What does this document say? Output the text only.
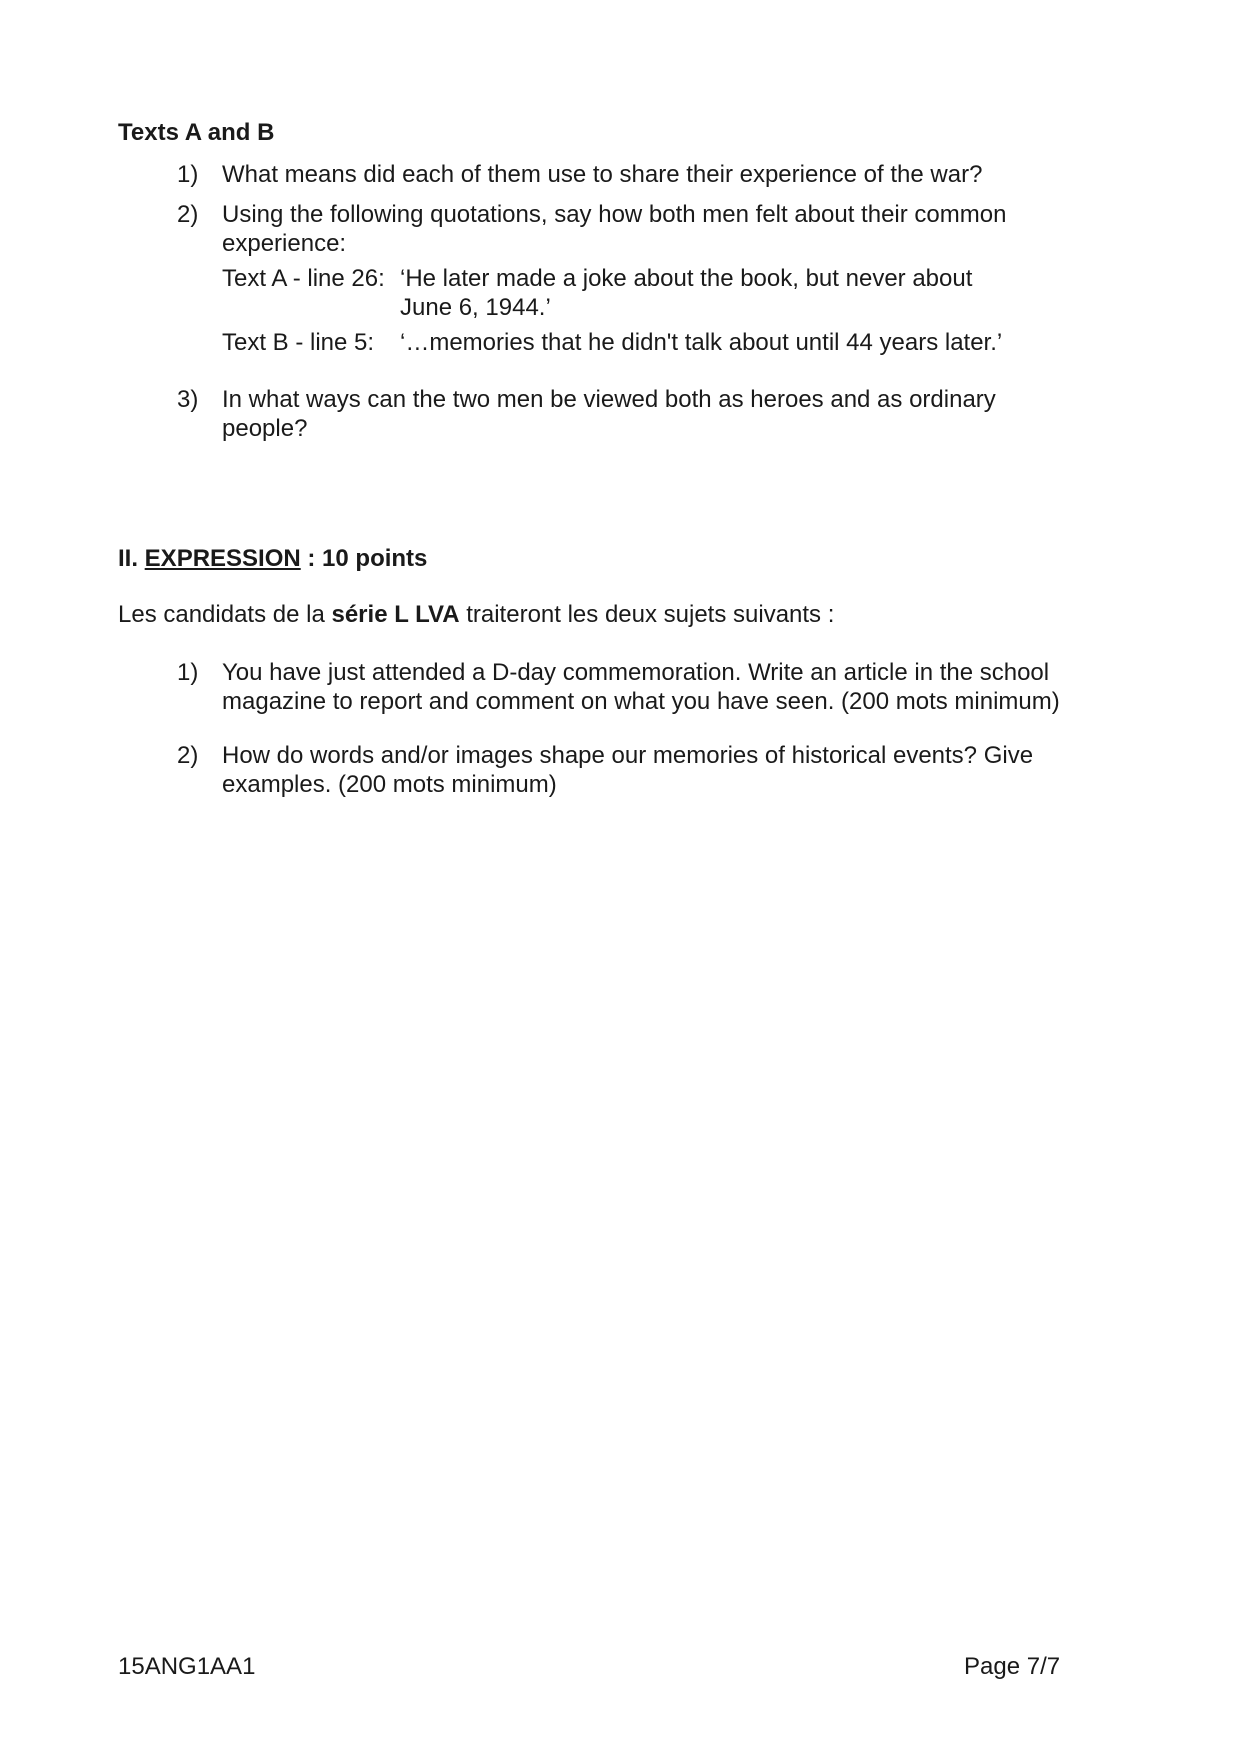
Texts A and B
1) What means did each of them use to share their experience of the war?
2) Using the following quotations, say how both men felt about their common
experience:
Text A - line 26: ‘He later made a joke about the book, but never about
June 6, 1944.’
Text B - line 5: ‘…memories that he didn't talk about until 44 years later.’
3) In what ways can the two men be viewed both as heroes and as ordinary
people?
II. EXPRESSION : 10 points
Les candidats de la série L LVA traiteront les deux sujets suivants :
1) You have just attended a D-day commemoration. Write an article in the school
magazine to report and comment on what you have seen. (200 mots minimum)
2) How do words and/or images shape our memories of historical events? Give
examples. (200 mots minimum)
15ANG1AA1	Page 7/7
